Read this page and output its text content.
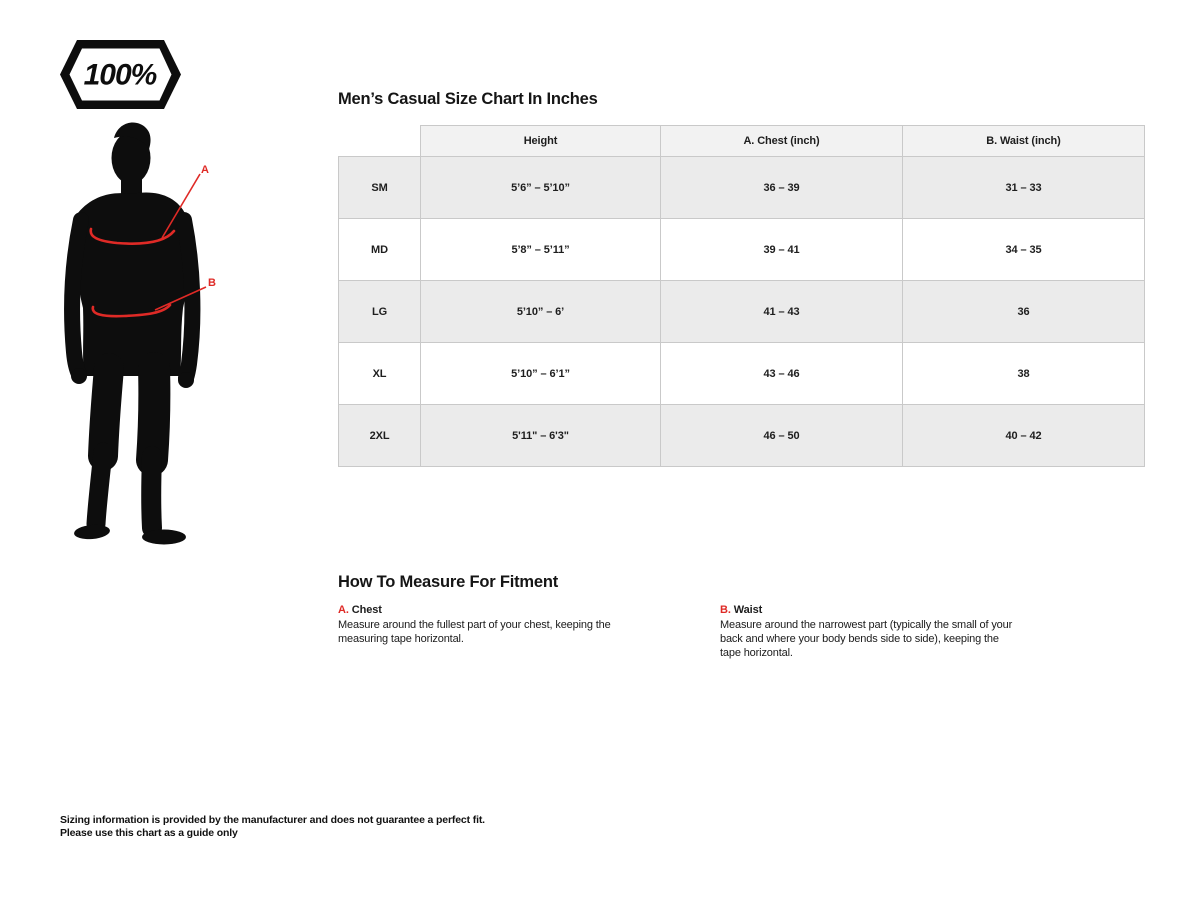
100%
A
B
Men’s Casual Size Chart In Inches
	Height	A. Chest (inch)	B. Waist (inch)
SM	5’6” – 5’10”	36 – 39	31 – 33
MD	5’8” – 5’11”	39 – 41	34 – 35
LG	5’10” – 6’	41 – 43	36
XL	5’10” – 6’1”	43 – 46	38
2XL	5'11" – 6'3"	46 – 50	40 – 42
How To Measure For Fitment
A. Chest

Measure around the fullest part of your chest, keeping the measuring tape horizontal.

B. Waist

Measure around the narrowest part (typically the small of your back and where your body bends side to side), keeping the tape horizontal.

Sizing information is provided by the manufacturer and does not guarantee a perfect fit.
Please use this chart as a guide only
